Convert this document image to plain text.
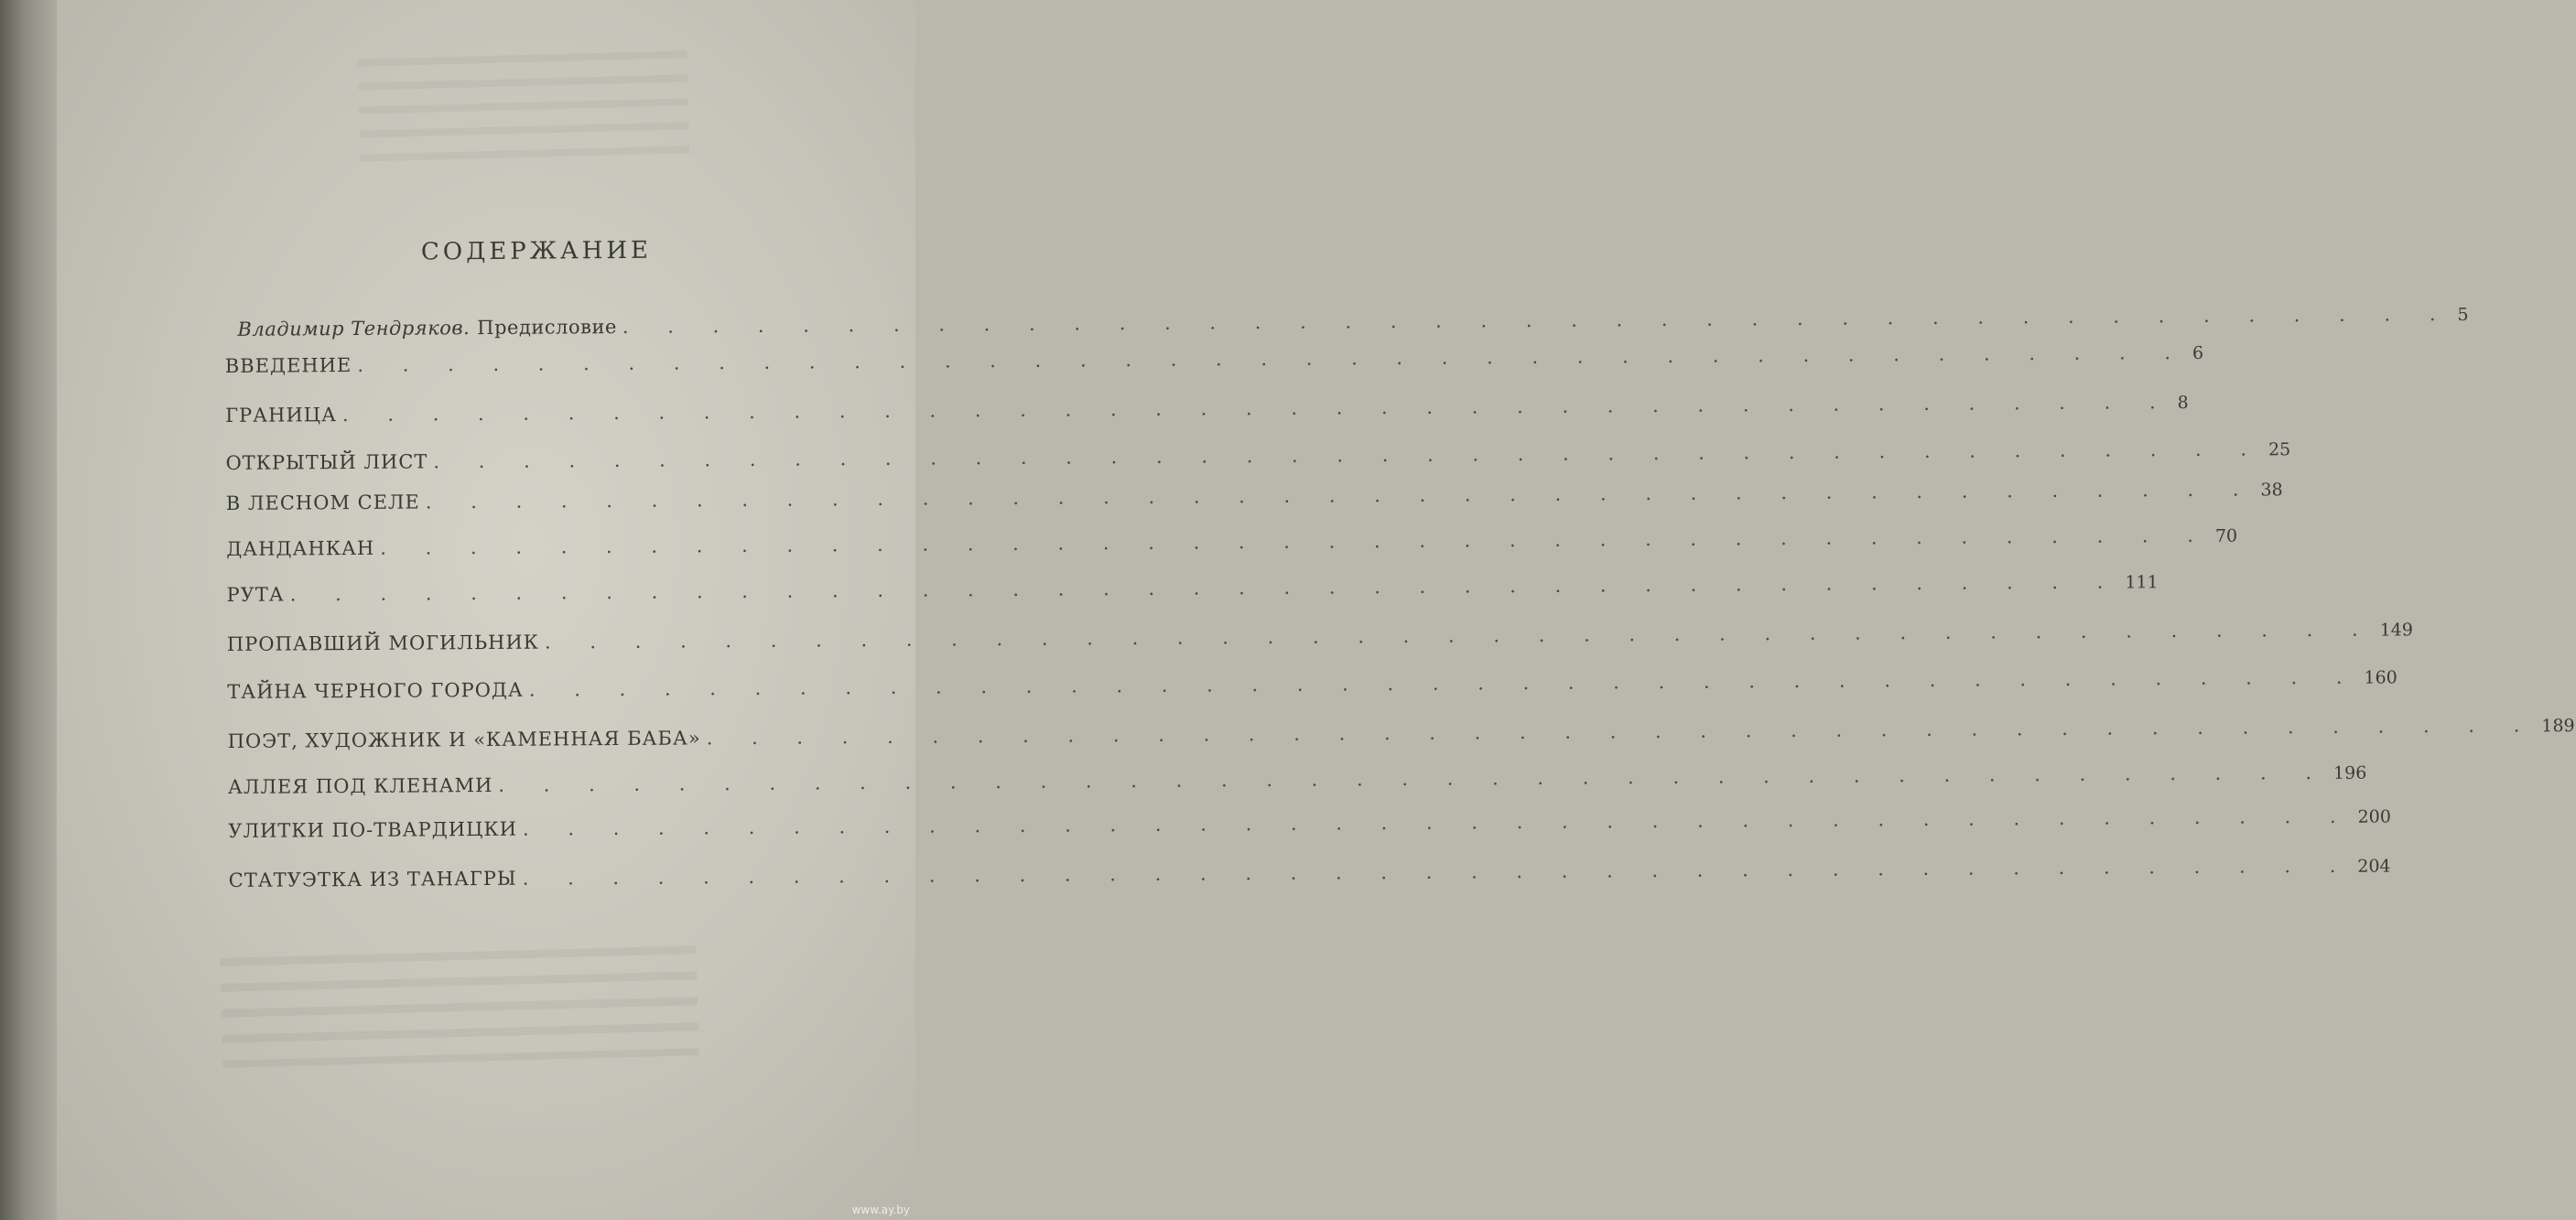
СОДЕРЖАНИЕ
Владимир Тендряков. Предисловие . . . . . . . . . . . . . . . . . . . . . . . . . . . . . . . . . . . . . . . . . 5
ВВЕДЕНИЕ . . . . . . . . . . . . . . . . . . . . . . . . . . . . . . . . . . . . . . . . . 6
ГРАНИЦА . . . . . . . . . . . . . . . . . . . . . . . . . . . . . . . . . . . . . . . . . 8
ОТКРЫТЫЙ ЛИСТ . . . . . . . . . . . . . . . . . . . . . . . . . . . . . . . . . . . . . . . . . 25
В ЛЕСНОМ СЕЛЕ . . . . . . . . . . . . . . . . . . . . . . . . . . . . . . . . . . . . . . . . . 38
ДАНДАНКАН . . . . . . . . . . . . . . . . . . . . . . . . . . . . . . . . . . . . . . . . . 70
РУТА . . . . . . . . . . . . . . . . . . . . . . . . . . . . . . . . . . . . . . . . . 111
ПРОПАВШИЙ МОГИЛЬНИК . . . . . . . . . . . . . . . . . . . . . . . . . . . . . . . . . . . . . . . . . 149
ТАЙНА ЧЕРНОГО ГОРОДА . . . . . . . . . . . . . . . . . . . . . . . . . . . . . . . . . . . . . . . . . 160
ПОЭТ, ХУДОЖНИК И «КАМЕННАЯ БАБА» . . . . . . . . . . . . . . . . . . . . . . . . . . . . . . . . . . . . . . . . . 189
АЛЛЕЯ ПОД КЛЕНАМИ . . . . . . . . . . . . . . . . . . . . . . . . . . . . . . . . . . . . . . . . . 196
УЛИТКИ ПО-ТВАРДИЦКИ . . . . . . . . . . . . . . . . . . . . . . . . . . . . . . . . . . . . . . . . . 200
СТАТУЭТКА ИЗ ТАНАГРЫ . . . . . . . . . . . . . . . . . . . . . . . . . . . . . . . . . . . . . . . . . 204
www.ay.by
